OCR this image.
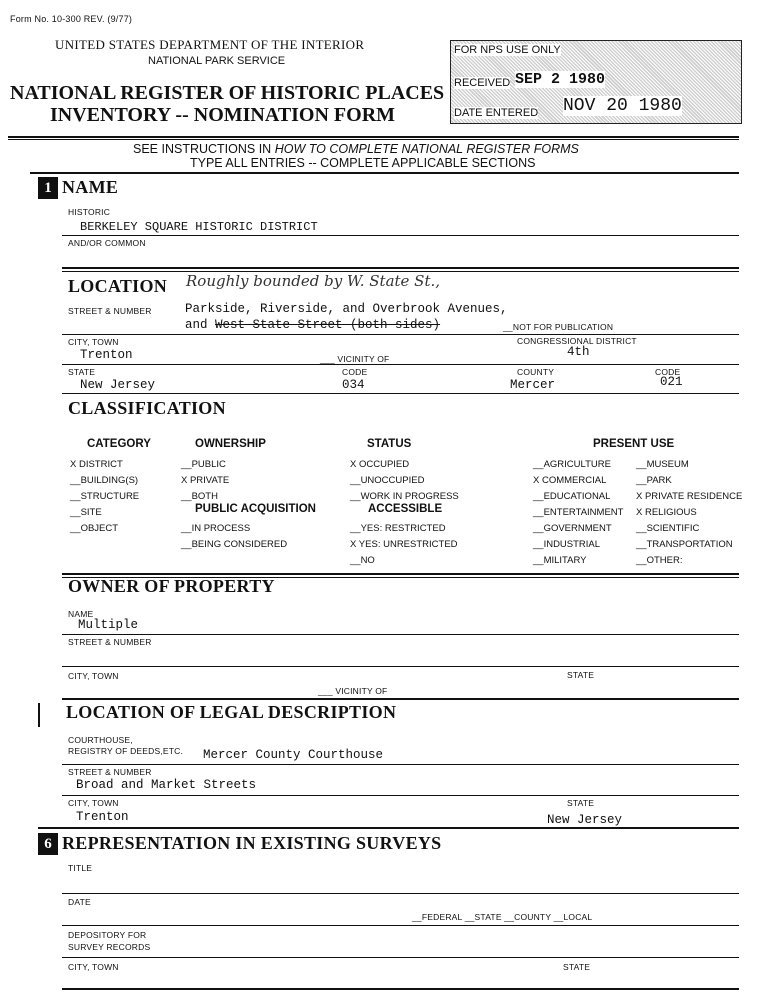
Form No. 10-300 REV. (9/77)
UNITED STATES DEPARTMENT OF THE INTERIOR
NATIONAL PARK SERVICE
NATIONAL REGISTER OF HISTORIC PLACES
INVENTORY -- NOMINATION FORM
FOR NPS USE ONLY
RECEIVED SEP 2 1980
DATE ENTERED NOV 20 1980
SEE INSTRUCTIONS IN HOW TO COMPLETE NATIONAL REGISTER FORMS
TYPE ALL ENTRIES -- COMPLETE APPLICABLE SECTIONS
1 NAME
HISTORIC
BERKELEY SQUARE HISTORIC DISTRICT
AND/OR COMMON
LOCATION Roughly bounded by W. State St.,
STREET & NUMBER	Parkside, Riverside, and Overbrook Avenues,
and West State Street (both sides)	__NOT FOR PUBLICATION
CITY, TOWN	CONGRESSIONAL DISTRICT
Trenton	___ VICINITY OF	4th
STATE	CODE	COUNTY	CODE
New Jersey	034	Mercer	021
CLASSIFICATION
CATEGORY
X DISTRICT
__BUILDING(S)
__STRUCTURE
__SITE
__OBJECT
OWNERSHIP
__PUBLIC
X PRIVATE
__BOTH
PUBLIC ACQUISITION
__IN PROCESS
__BEING CONSIDERED
STATUS
X OCCUPIED
__UNOCCUPIED
__WORK IN PROGRESS
ACCESSIBLE
__YES: RESTRICTED
X YES: UNRESTRICTED
__NO
PRESENT USE
__AGRICULTURE
X COMMERCIAL
__EDUCATIONAL
__ENTERTAINMENT
__GOVERNMENT
__INDUSTRIAL
__MILITARY
__MUSEUM
__PARK
X PRIVATE RESIDENCE
X RELIGIOUS
__SCIENTIFIC
__TRANSPORTATION
__OTHER:
OWNER OF PROPERTY
NAME
Multiple
STREET & NUMBER
CITY, TOWN	STATE
___ VICINITY OF
LOCATION OF LEGAL DESCRIPTION
COURTHOUSE,
REGISTRY OF DEEDS,ETC. Mercer County Courthouse
STREET & NUMBER
Broad and Market Streets
CITY, TOWN	STATE
Trenton	New Jersey
6 REPRESENTATION IN EXISTING SURVEYS
TITLE
DATE
__FEDERAL __STATE __COUNTY __LOCAL
DEPOSITORY FOR
SURVEY RECORDS
CITY, TOWN	STATE
